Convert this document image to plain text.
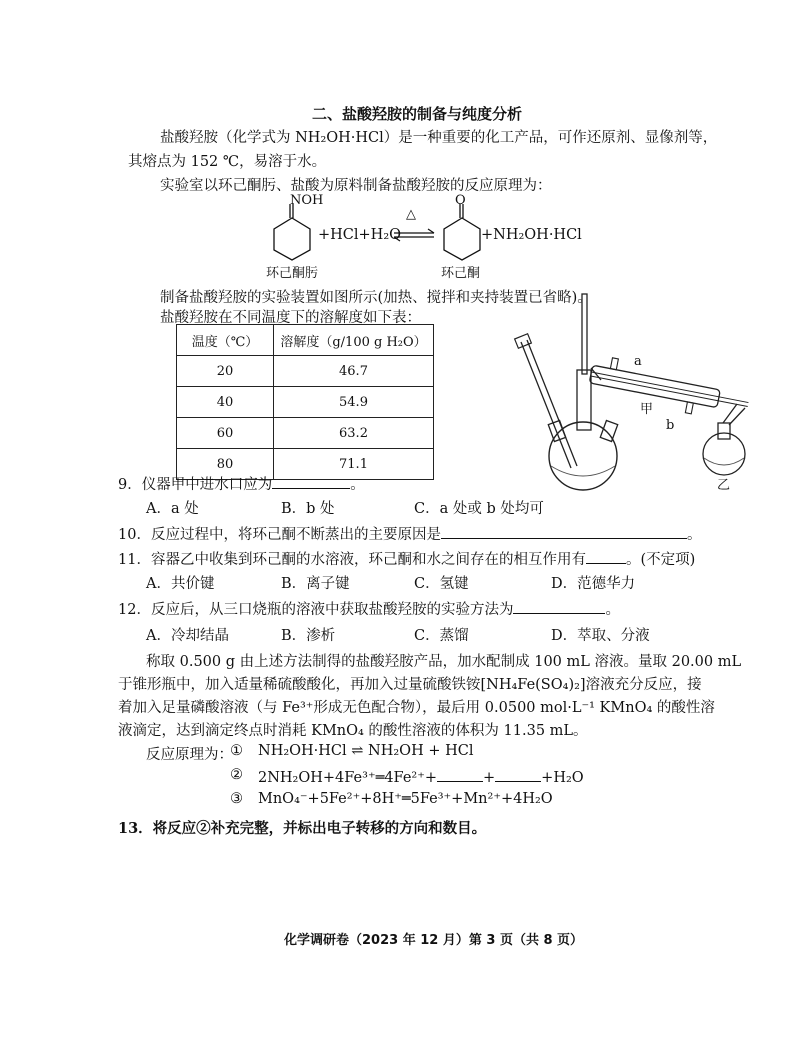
二、盐酸羟胺的制备与纯度分析
盐酸羟胺（化学式为 NH₂OH·HCl）是一种重要的化工产品，可作还原剂、显像剂等，
其熔点为 152 ℃，易溶于水。
实验室以环己酮肟、盐酸为原料制备盐酸羟胺的反应原理为：
NOH
+HCl+H₂O
△
O
+NH₂OH·HCl
环己酮肟	环己酮
制备盐酸羟胺的实验装置如图所示(加热、搅拌和夹持装置已省略)。
盐酸羟胺在不同温度下的溶解度如下表：
温度（℃）	溶解度（g/100 g H₂O）
20	46.7
40	54.9
60	63.2
80	71.1
a
b
甲
乙
9．仪器甲中进水口应为	。
A．a 处	B．b 处	C．a 处或 b 处均可
10．反应过程中，将环己酮不断蒸出的主要原因是	。
11．容器乙中收集到环己酮的水溶液，环己酮和水之间存在的相互作用有	。(不定项)
A．共价键	B．离子键	C．氢键	D．范德华力
12．反应后，从三口烧瓶的溶液中获取盐酸羟胺的实验方法为	。
A．冷却结晶	B．渗析	C．蒸馏	D．萃取、分液
称取 0.500 g 由上述方法制得的盐酸羟胺产品，加水配制成 100 mL 溶液。量取 20.00 mL
于锥形瓶中，加入适量稀硫酸酸化，再加入过量硫酸铁铵[NH₄Fe(SO₄)₂]溶液充分反应，接
着加入足量磷酸溶液（与 Fe³⁺形成无色配合物），最后用 0.0500 mol·L⁻¹ KMnO₄ 的酸性溶
液滴定，达到滴定终点时消耗 KMnO₄ 的酸性溶液的体积为 11.35 mL。
反应原理为：
① NH₂OH·HCl ⇌ NH₂OH + HCl
② 2NH₂OH+4Fe³⁺═4Fe²⁺+	+	+H₂O
③ MnO₄⁻+5Fe²⁺+8H⁺═5Fe³⁺+Mn²⁺+4H₂O
13．将反应②补充完整，并标出电子转移的方向和数目。
化学调研卷（2023 年 12 月）第 3 页（共 8 页）
